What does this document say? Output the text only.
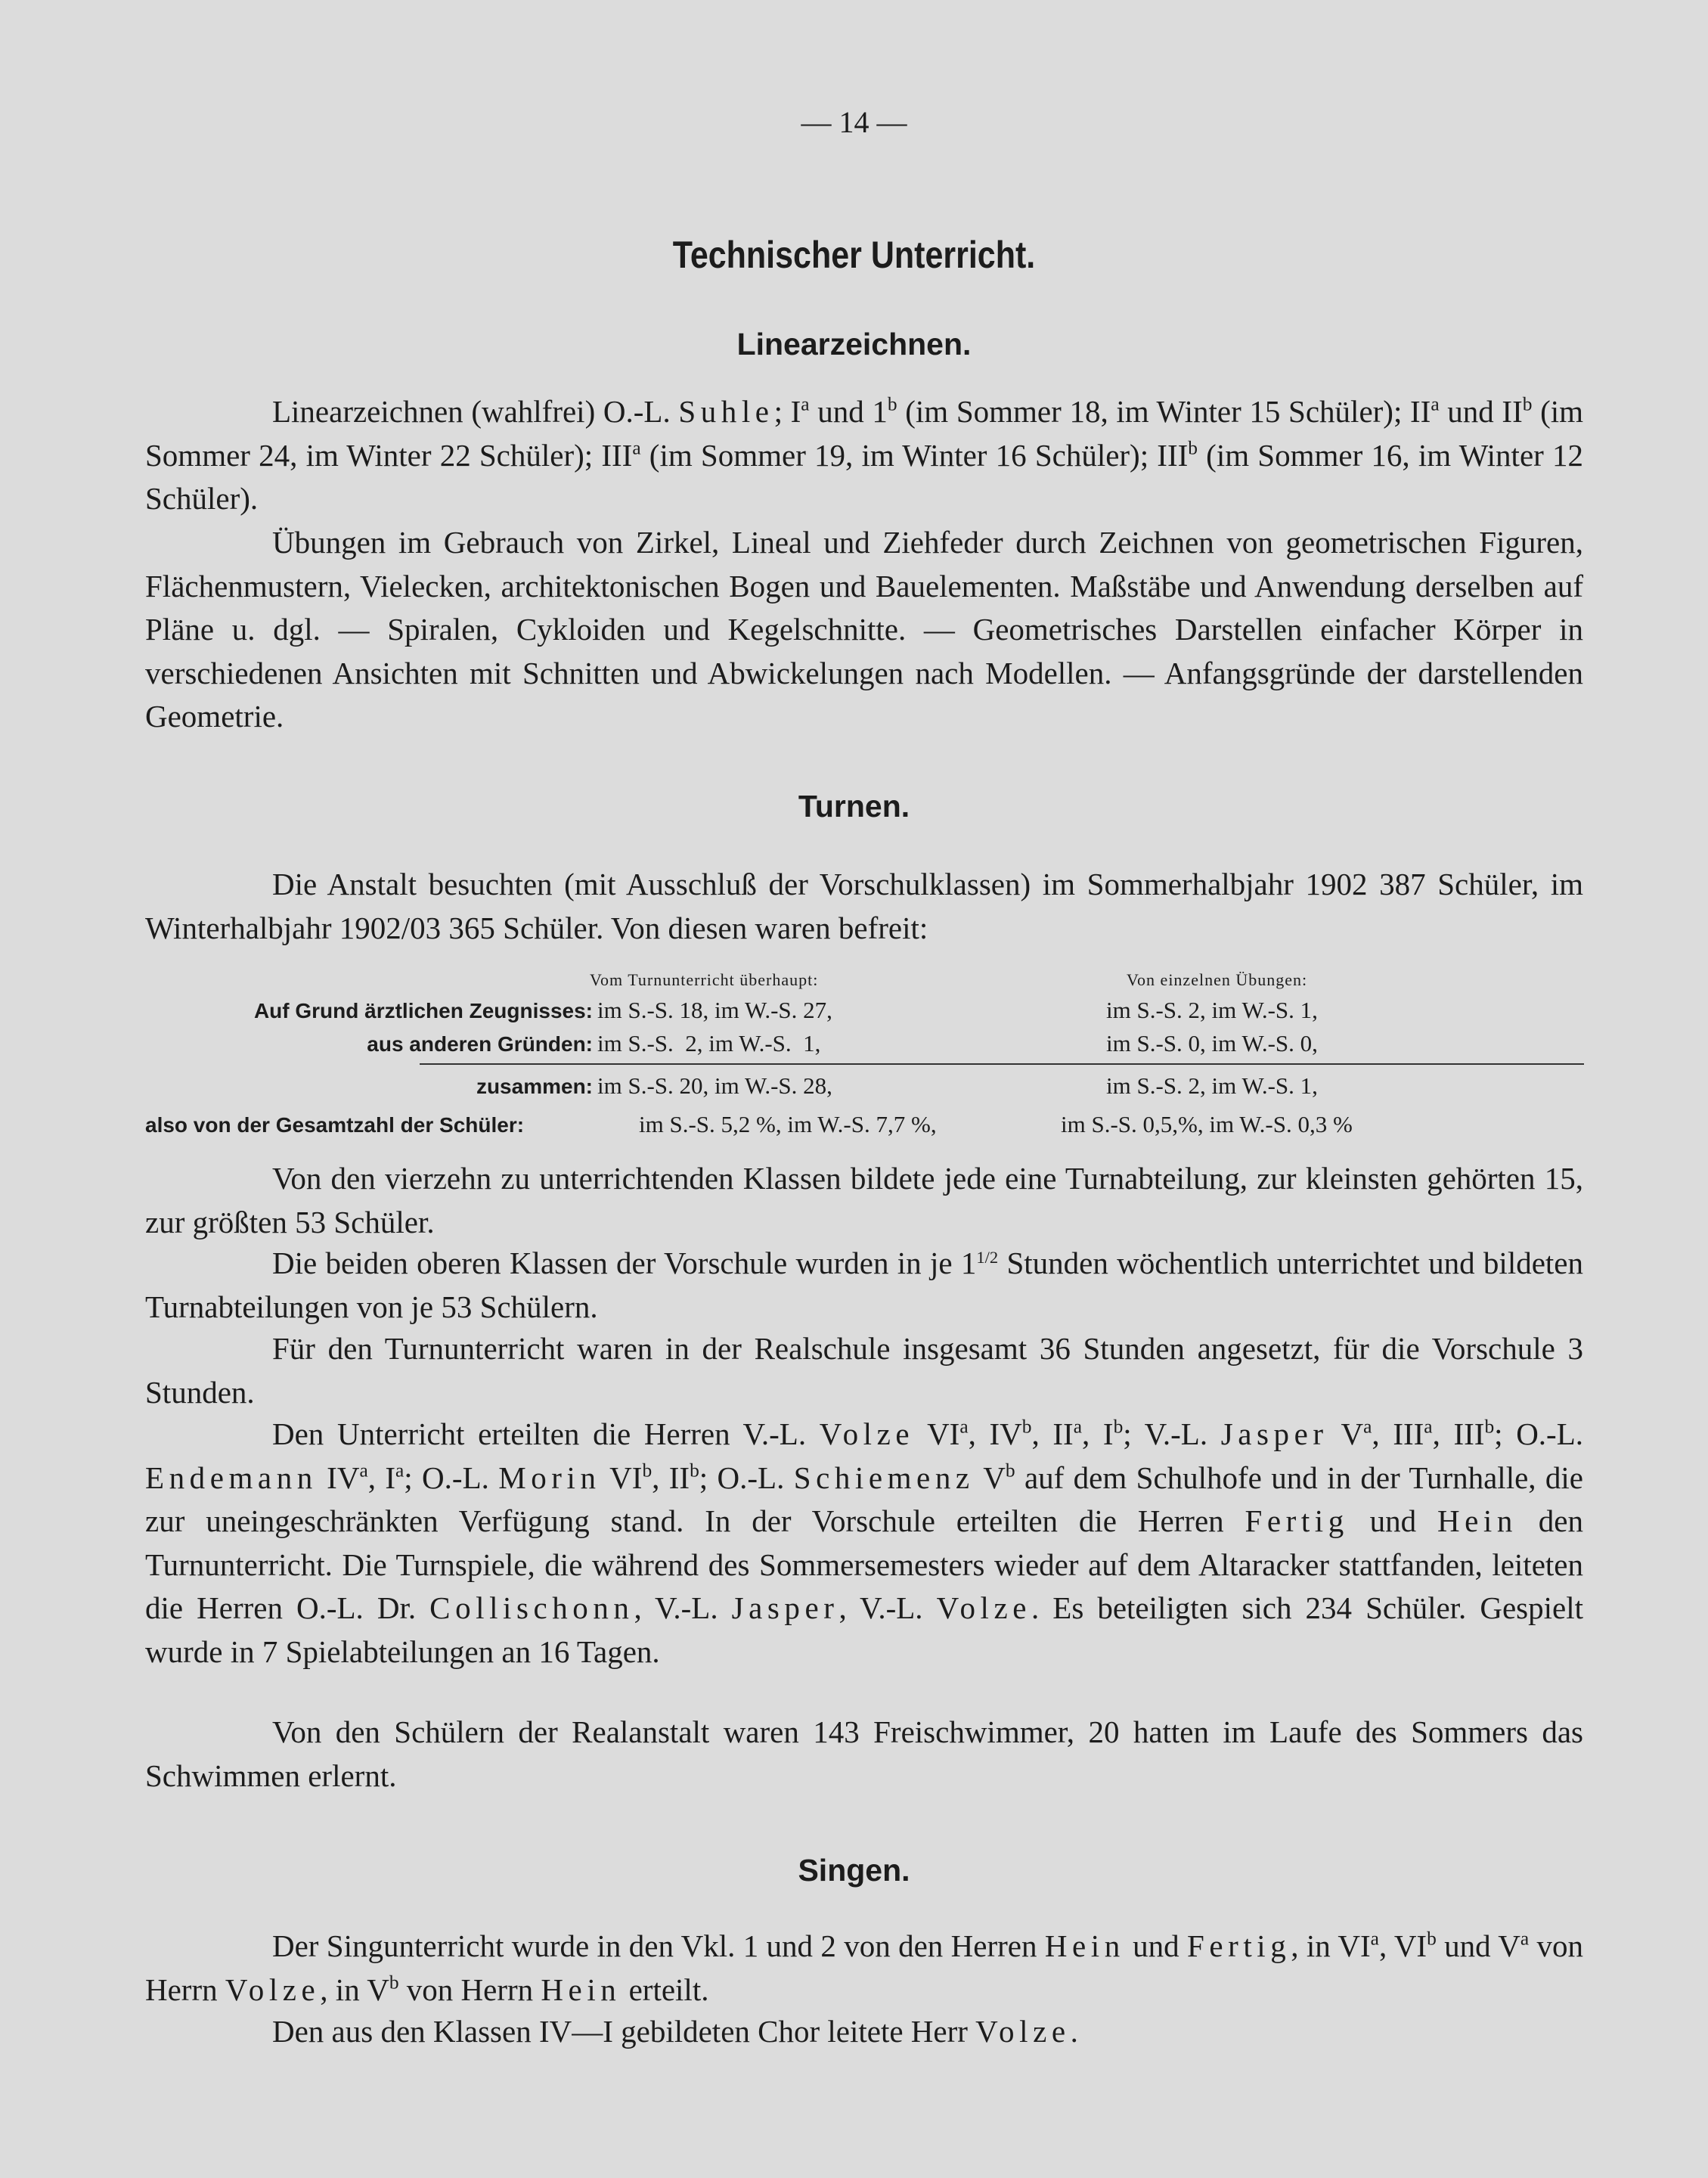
— 14 —
Technischer Unterricht.
Linearzeichnen.

Linearzeichnen (wahlfrei) O.-L. Suhle; $I^a$ und 1$^b$ (im Sommer 18, im Winter 15 Schüler); $II^a$ und $II^b$ (im Sommer 24, im Winter 22 Schüler); III$^a$ (im Sommer 19, im Winter 16 Schüler); III$^b$ (im Sommer 16, im Winter 12 Schüler).

Übungen im Gebrauch von Zirkel, Lineal und Ziehfeder durch Zeichnen von geometrischen Figuren, Flächenmustern, Vielecken, architektonischen Bogen und Bauelementen. Maßstäbe und Anwendung derselben auf Pläne u. dgl. — Spiralen, Cykloiden und Kegelschnitte. — Geometrisches Darstellen einfacher Körper in verschiedenen Ansichten mit Schnitten und Abwickelungen nach Modellen. — Anfangsgründe der darstellenden Geometrie.

Turnen.

Die Anstalt besuchten (mit Ausschluß der Vorschulklassen) im Sommerhalbjahr 1902 387 Schüler, im Winterhalbjahr 1902/03 365 Schüler. Von diesen waren befreit:

Vom Turnunterricht überhaupt:	Von einzelnen Übungen:
Auf Grund ärztlichen Zeugnisses: im S.-S. 18, im W.-S. 27,	im S.-S. 2, im W.-S. 1,
aus anderen Gründen: im S.-S.  2, im W.-S.  1,	im S.-S. 0, im W.-S. 0,
zusammen: im S.-S. 20, im W.-S. 28,	im S.-S. 2, im W.-S. 1,
also von der Gesamtzahl der Schüler:	im S.-S. 5,2 %, im W.-S. 7,7 %,	im S.-S. 0,5,%, im W.-S. 0,3 %

Von den vierzehn zu unterrichtenden Klassen bildete jede eine Turnabteilung, zur kleinsten gehörten 15, zur größten 53 Schüler.

Die beiden oberen Klassen der Vorschule wurden in je $1^{1/2}$ Stunden wöchentlich unterrichtet und bildeten Turnabteilungen von je 53 Schülern.

Für den Turnunterricht waren in der Realschule insgesamt 36 Stunden angesetzt, für die Vorschule 3 Stunden.

Den Unterricht erteilten die Herren V.-L. Volze $VI^a$, $IV^b$, $II^a$, $I^b$; V.-L. Jasper $V^a$, III$^a$, III$^b$; O.-L. Endemann $IV^a$, $I^a$; O.-L. Morin $VI^b$, $II^b$; O.-L. Schiemenz $V^b$ auf dem Schulhofe und in der Turnhalle, die zur uneingeschränkten Verfügung stand. In der Vorschule erteilten die Herren Fertig und Hein den Turnunterricht. Die Turnspiele, die während des Sommersemesters wieder auf dem Altaracker stattfanden, leiteten die Herren O.-L. Dr. Collischonn, V.-L. Jasper, V.-L. Volze. Es beteiligten sich 234 Schüler. Gespielt wurde in 7 Spielabteilungen an 16 Tagen.

Von den Schülern der Realanstalt waren 143 Freischwimmer, 20 hatten im Laufe des Sommers das Schwimmen erlernt.

Singen.

Der Singunterricht wurde in den Vkl. 1 und 2 von den Herren Hein und Fertig, in $VI^a$, $VI^b$ und $V^a$ von Herrn Volze, in $V^b$ von Herrn Hein erteilt.

Den aus den Klassen IV—I gebildeten Chor leitete Herr Volze.
